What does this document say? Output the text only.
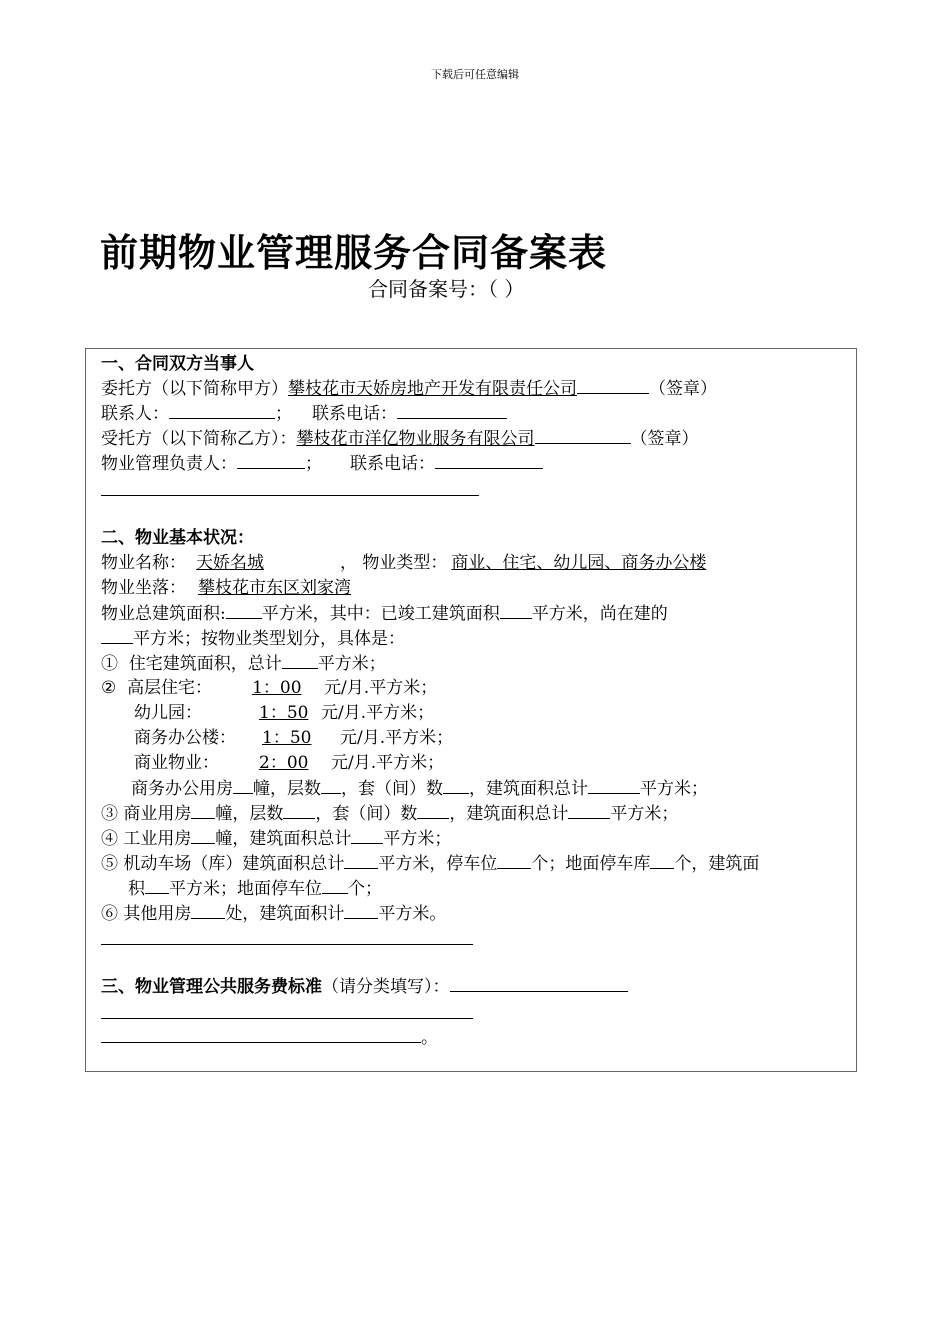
下载后可任意编辑
前期物业管理服务合同备案表
合同备案号：（ ）
一、合同双方当事人
委托方（以下简称甲方）攀枝花市天娇房地产开发有限责任公司	（签章）
联系人：	； 联系电话：
受托方（以下简称乙方）：攀枝花市洋亿物业服务有限公司	（签章）
物业管理负责人：	； 联系电话：
二、物业基本状况：
物业名称： 天娇名城	， 物业类型： 商业、住宅、幼儿园、商务办公楼
物业坐落： 攀枝花市东区刘家湾
物业总建筑面积: 平方米，其中：已竣工建筑面积 平方米，尚在建的
平方米；按物业类型划分，具体是：
① 住宅建筑面积，总计 平方米；
② 高层住宅： 1：00 元/月.平方米；
幼儿园：	1：50 元/月.平方米；
商务办公楼： 1：50 元/月.平方米；
商业物业： 2：00 元/月.平方米；
商务办公用房 幢，层数 ，套（间）数 ，建筑面积总计	平方米；
③ 商业用房 幢，层数 ，套（间）数 ，建筑面积总计 平方米；
④ 工业用房 幢，建筑面积总计 平方米；
⑤ 机动车场（库）建筑面积总计 平方米，停车位 个；地面停车库 个，建筑面
积 平方米；地面停车位 个；
⑥ 其他用房 处，建筑面积计 平方米。
三、物业管理公共服务费标准（请分类填写）：
。
